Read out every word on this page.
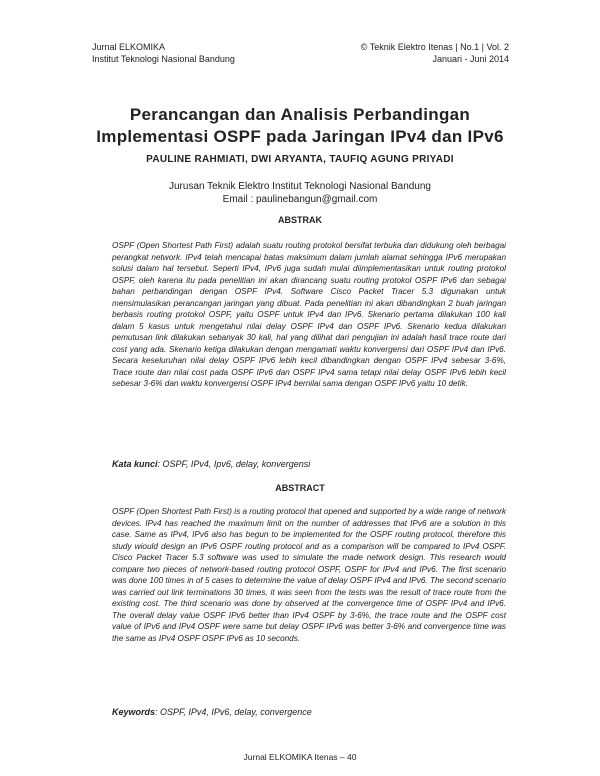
Jurnal ELKOMIKA
Institut Teknologi Nasional Bandung
© Teknik Elektro Itenas | No.1 | Vol. 2
Januari - Juni 2014
Perancangan dan Analisis Perbandingan
Implementasi OSPF pada Jaringan IPv4 dan IPv6
PAULINE RAHMIATI, DWI ARYANTA, TAUFIQ AGUNG PRIYADI
Jurusan Teknik Elektro Institut Teknologi Nasional Bandung
Email : paulinebangun@gmail.com
ABSTRAK
OSPF (Open Shortest Path First) adalah suatu routing protokol bersifat terbuka dan didukung oleh berbagai perangkat network. IPv4 telah mencapai batas maksimum dalam jumlah alamat sehingga IPv6 merupakan solusi dalam hal tersebut. Seperti IPv4, IPv6 juga sudah mulai diimplementasikan untuk routing protokol OSPF, oleh karena itu pada penelitian ini akan dirancang suatu routing protokol OSPF IPv6 dan sebagai bahan perbandingan dengan OSPF IPv4. Software Cisco Packet Tracer 5.3 digunakan untuk mensimulasikan perancangan jaringan yang dibuat. Pada penelitian ini akan dibandingkan 2 buah jaringan berbasis routing protokol OSPF, yaitu OSPF untuk IPv4 dan IPv6. Skenario pertama dilakukan 100 kali dalam 5 kasus untuk mengetahui nilai delay OSPF IPv4 dan OSPF IPv6. Skenario kedua dilakukan pemutusan link dilakukan sebanyak 30 kali, hal yang dilihat dari pengujian ini adalah hasil trace route dari cost yang ada. Skenario ketiga dilakukan dengan mengamati waktu konvergensi dari OSPF IPv4 dan IPv6. Secara keseluruhan nilai delay OSPF IPv6 lebih kecil dibandingkan dengan OSPF IPv4 sebesar 3-6%, Trace route dan nilai cost pada OSPF IPv6 dan OSPF IPv4 sama tetapi nilai delay OSPF IPv6 lebih kecil sebesar 3-6% dan waktu konvergensi OSPF IPv4 bernilai sama dengan OSPF IPv6 yaitu 10 detik.
Kata kunci: OSPF, IPv4, Ipv6, delay, konvergensi
ABSTRACT
OSPF (Open Shortest Path First) is a routing protocol that opened and supported by a wide range of network devices. IPv4 has reached the maximum limit on the number of addresses that IPv6 are a solution in this case. Same as IPv4, IPv6 also has begun to be implemented for the OSPF routing protocol, therefore this study wiould design an IPv6 OSPF routing protocol and as a comparison will be compared to IPv4 OSPF. Cisco Packet Tracer 5.3 software was used to simulate the made network design. This research would compare two pieces of network-based routing protocol OSPF, OSPF for IPv4 and IPv6. The first scenario was done 100 times in of 5 cases to determine the value of delay OSPF IPv4 and IPv6. The second scenario was carried out link terminations 30 times, it was seen from the tests was the result of trace route from the existing cost. The third scenario was done by observed at the convergence time of OSPF IPv4 and IPv6. The overall delay value OSPF IPv6 better than IPv4 OSPF by 3-6%, the trace route and the OSPF cost value of IPv6 and IPv4 OSPF were same but delay OSPF IPv6 was better 3-6% and convergence time was the same as IPv4 OSPF OSPF IPv6 as 10 seconds.
Keywords: OSPF, IPv4, IPv6, delay, convergence
Jurnal ELKOMIKA Itenas – 40
